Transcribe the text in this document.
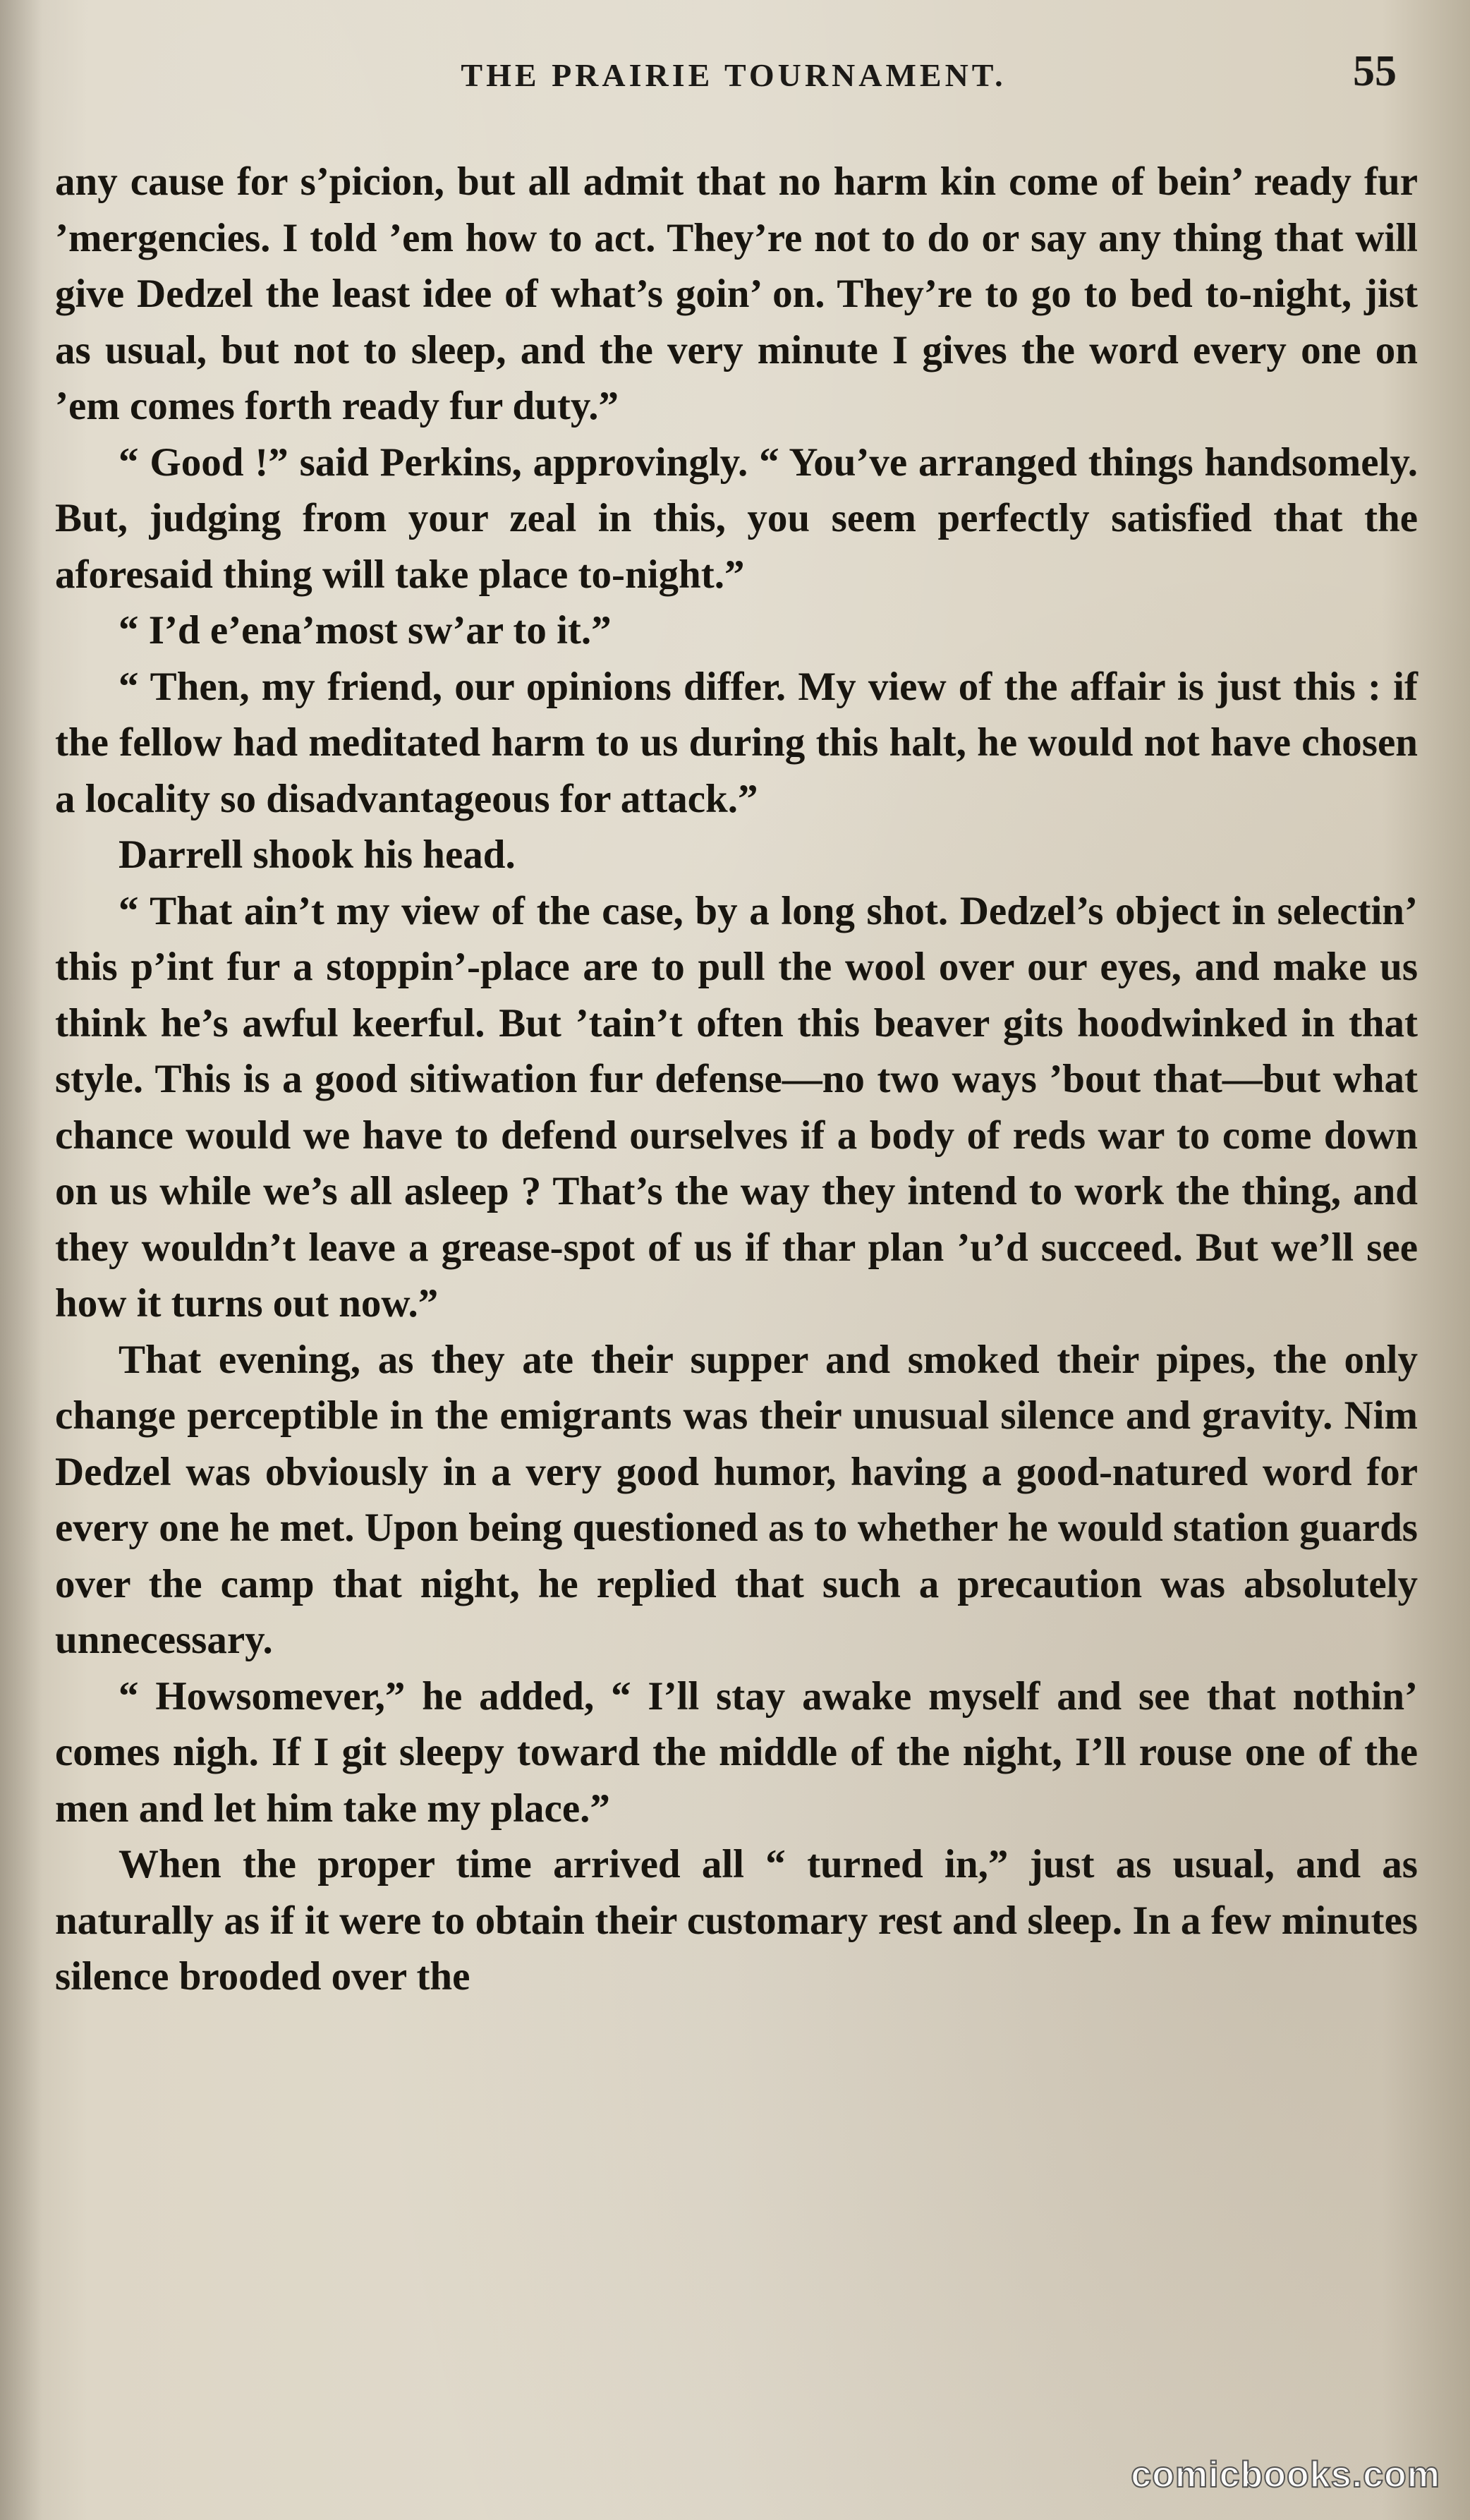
THE PRAIRIE TOURNAMENT.	55

any cause for s’picion, but all admit that no harm kin come of bein’ ready fur ’mergencies. I told ’em how to act. They’re not to do or say any thing that will give Dedzel the least idee of what’s goin’ on. They’re to go to bed to-night, jist as usual, but not to sleep, and the very minute I gives the word every one on ’em comes forth ready fur duty.”

“ Good !” said Perkins, approvingly. “ You’ve arranged things handsomely. But, judging from your zeal in this, you seem perfectly satisfied that the aforesaid thing will take place to-night.”

“ I’d e’ena’most sw’ar to it.”

“ Then, my friend, our opinions differ. My view of the affair is just this : if the fellow had meditated harm to us during this halt, he would not have chosen a locality so disadvantageous for attack.”

Darrell shook his head.

“ That ain’t my view of the case, by a long shot. Dedzel’s object in selectin’ this p’int fur a stoppin’-place are to pull the wool over our eyes, and make us think he’s awful keerful. But ’tain’t often this beaver gits hoodwinked in that style. This is a good sitiwation fur defense—no two ways ’bout that—but what chance would we have to defend ourselves if a body of reds war to come down on us while we’s all asleep ? That’s the way they intend to work the thing, and they wouldn’t leave a grease-spot of us if thar plan ’u’d succeed. But we’ll see how it turns out now.”

That evening, as they ate their supper and smoked their pipes, the only change perceptible in the emigrants was their unusual silence and gravity. Nim Dedzel was obviously in a very good humor, having a good-natured word for every one he met. Upon being questioned as to whether he would station guards over the camp that night, he replied that such a precaution was absolutely unnecessary.

“ Howsomever,” he added, “ I’ll stay awake myself and see that nothin’ comes nigh. If I git sleepy toward the middle of the night, I’ll rouse one of the men and let him take my place.”

When the proper time arrived all “ turned in,” just as usual, and as naturally as if it were to obtain their customary rest and sleep. In a few minutes silence brooded over the

comicbooks.com
